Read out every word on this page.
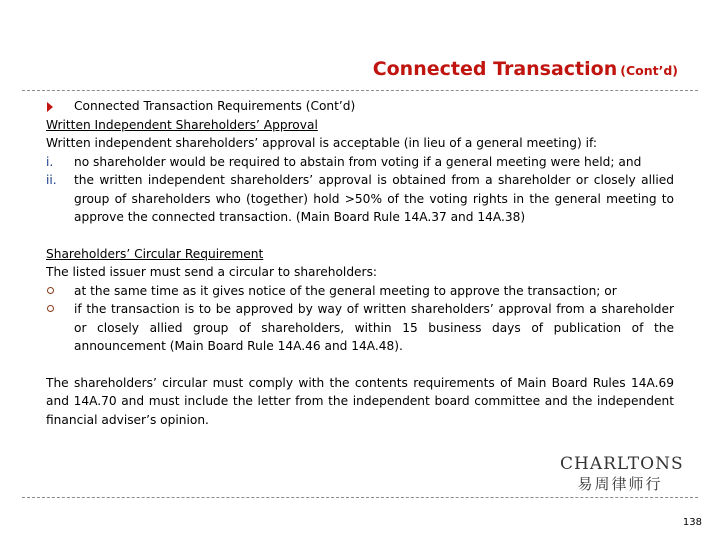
Connected Transaction (Cont’d)
Connected Transaction Requirements (Cont’d)
Written Independent Shareholders’ Approval
Written independent shareholders’ approval is acceptable (in lieu of a general meeting) if:
i. no shareholder would be required to abstain from voting if a general meeting were held; and
ii. the written independent shareholders’ approval is obtained from a shareholder or closely allied group of shareholders who (together) hold >50% of the voting rights in the general meeting to approve the connected transaction. (Main Board Rule 14A.37 and 14A.38)
Shareholders’ Circular Requirement
The listed issuer must send a circular to shareholders:
at the same time as it gives notice of the general meeting to approve the transaction; or
if the transaction is to be approved by way of written shareholders’ approval from a shareholder or closely allied group of shareholders, within 15 business days of publication of the announcement (Main Board Rule 14A.46 and 14A.48).
The shareholders’ circular must comply with the contents requirements of Main Board Rules 14A.69 and 14A.70 and must include the letter from the independent board committee and the independent financial adviser’s opinion.
CHARLTONS
易周律师行
138
